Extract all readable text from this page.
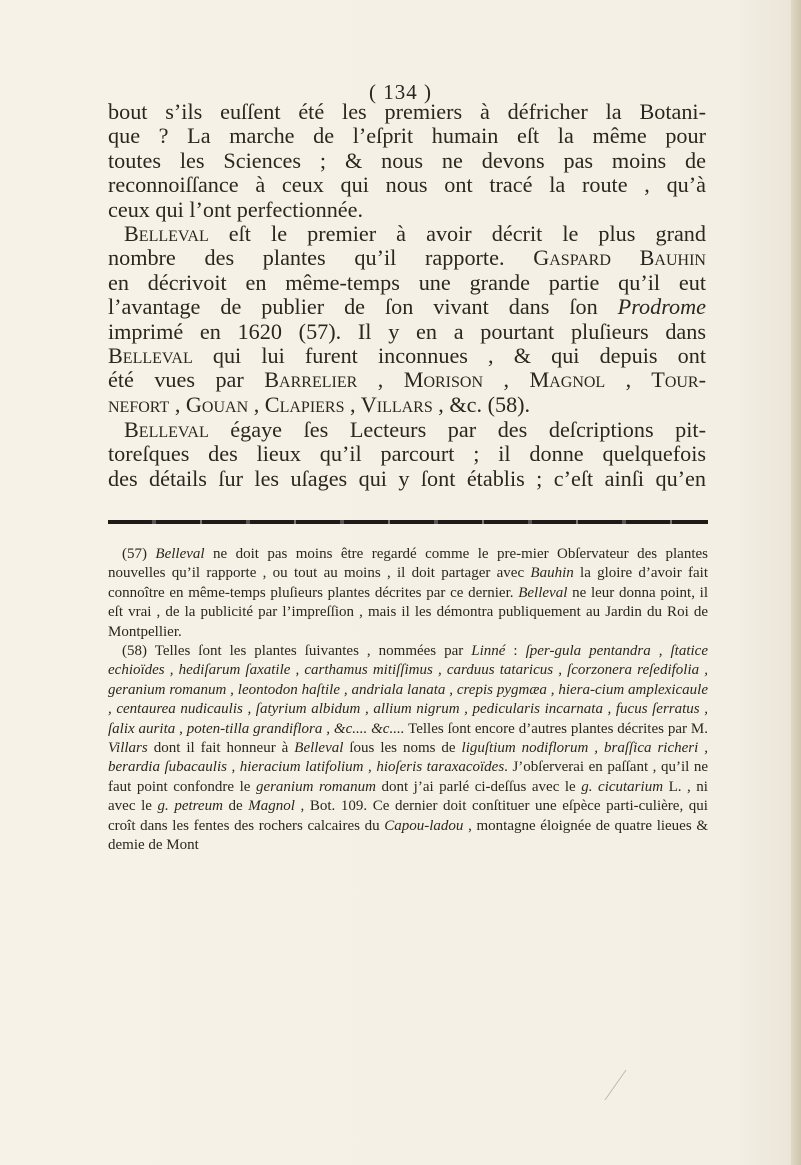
( 134 )

bout s’ils euſſent été les premiers à défricher la Botani-

que ? La marche de l’eſprit humain eſt la même pour

toutes les Sciences ; & nous ne devons pas moins de

reconnoiſſance à ceux qui nous ont tracé la route , qu’à

ceux qui l’ont perfectionnée.

Belleval eſt le premier à avoir décrit le plus grand

nombre des plantes qu’il rapporte. Gaspard Bauhin

en décrivoit en même-temps une grande partie qu’il eut

l’avantage de publier de ſon vivant dans ſon Prodrome

imprimé en 1620 (57). Il y en a pourtant pluſieurs dans

Belleval qui lui furent inconnues , & qui depuis ont

été vues par Barrelier , Morison , Magnol , Tour-

nefort , Gouan , Clapiers , Villars , &c. (58).

Belleval égaye ſes Lecteurs par des deſcriptions pit-

toreſques des lieux qu’il parcourt ; il donne quelquefois

des détails ſur les uſages qui y ſont établis ; c’eſt ainſi qu’en

(57) Belleval ne doit pas moins être regardé comme le pre-mier Obſervateur des plantes nouvelles qu’il rapporte , ou tout au moins , il doit partager avec Bauhin la gloire d’avoir fait connoître en même-temps pluſieurs plantes décrites par ce dernier. Belleval ne leur donna point, il eſt vrai , de la publicité par l’impreſſion , mais il les démontra publiquement au Jardin du Roi de Montpellier.

(58) Telles ſont les plantes ſuivantes , nommées par Linné : ſper-gula pentandra , ſtatice echioïdes , hediſarum ſaxatile , carthamus mitiſſimus , carduus tataricus , ſcorzonera reſedifolia , geranium romanum , leontodon haſtile , andriala lanata , crepis pygmæa , hiera-cium amplexicaule , centaurea nudicaulis , ſatyrium albidum , allium nigrum , pedicularis incarnata , fucus ſerratus , ſalix aurita , poten-tilla grandiflora , &c.... &c.... Telles ſont encore d’autres plantes décrites par M. Villars dont il fait honneur à Belleval ſous les noms de liguſtium nodiflorum , braſſica richeri , berardia ſubacaulis , hieracium latifolium , hioſeris taraxacoïdes. J’obſerverai en paſſant , qu’il ne faut point confondre le geranium romanum dont j’ai parlé ci-deſſus avec le g. cicutarium L. , ni avec le g. petreum de Magnol , Bot. 109. Ce dernier doit conſtituer une eſpèce parti-culière, qui croît dans les fentes des rochers calcaires du Capou-ladou , montagne éloignée de quatre lieues & demie de Mont
